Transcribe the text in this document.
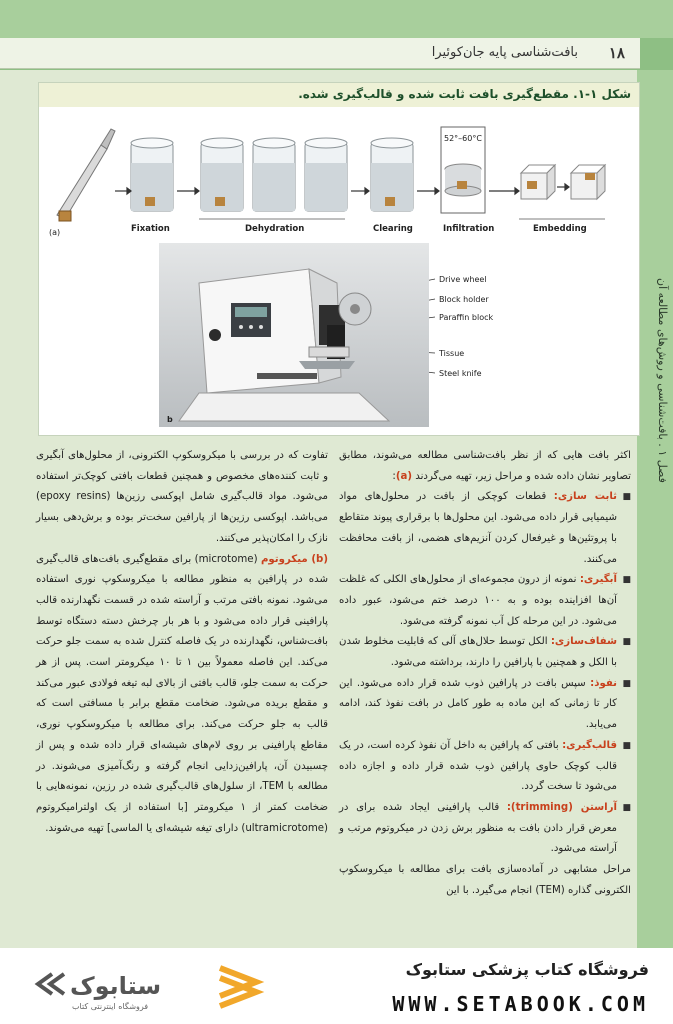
۱۸
بافت‌شناسی پایه جان‌کوئیرا
فصل ۱ . بافت‌شناسی و روش‌های مطالعه آن
شکل ۱-۱. مقطع‌گیری بافت ثابت شده و قالب‌گیری شده.
(a)
52°–60°C
Fixation	Dehydration	Clearing	Infiltration	Embedding
Drive wheel
Block holder
Paraffin block
Tissue
Steel knife
b

اکثر بافت هایی که از نظر بافت‌شناسی مطالعه می‌شوند، مطابق تصاویر نشان داده شده و مراحل زیر، تهیه می‌گردند (a):

■ ثابت سازی: قطعات کوچکی از بافت در محلول‌های مواد شیمیایی قرار داده می‌شود. این محلول‌ها با برقراری پیوند متقاطع با پروتئین‌ها و غیرفعال کردن آنزیم‌های هضمی، از بافت محافظت می‌کنند.

■ آبگیری: نمونه از درون مجموعه‌ای از محلول‌های الکلی که غلظت آن‌ها افزاینده بوده و به ۱۰۰ درصد ختم می‌شود، عبور داده می‌شود. در این مرحله کل آب نمونه گرفته می‌شود.

■ شفاف‌سازی: الکل توسط حلال‌های آلی که قابلیت مخلوط شدن با الکل و همچنین با پارافین را دارند، برداشته می‌شود.

■ نفوذ: سپس بافت در پارافین ذوب شده قرار داده می‌شود. این کار تا زمانی که این ماده به طور کامل در بافت نفوذ کند، ادامه می‌یابد.

■ قالب‌گیری: بافتی که پارافین به داخل آن نفوذ کرده است، در یک قالب کوچک حاوی پارافین ذوب شده قرار داده و اجازه داده می‌شود تا سخت گردد.

■ آراستن (trimming): قالب پارافینی ایجاد شده برای در معرض قرار دادن بافت به منظور برش زدن در میکروتوم مرتب و آراسته می‌شود.

مراحل مشابهی در آماده‌سازی بافت برای مطالعه با میکروسکوپ الکترونی گذاره (TEM) انجام می‌گیرد. با این

تفاوت که در بررسی با میکروسکوپ الکترونی، از محلول‌های آبگیری و ثابت کننده‌های مخصوص و همچنین قطعات بافتی کوچک‌تر استفاده می‌شود. مواد قالب‌گیری شامل اپوکسی رزین‌ها (epoxy resins) می‌باشد. اپوکسی رزین‌ها از پارافین سخت‌تر بوده و برش‌دهی بسیار نازک را امکان‌پذیر می‌کنند.

(b) میکروتوم (microtome) برای مقطع‌گیری بافت‌های قالب‌گیری شده در پارافین به منظور مطالعه با میکروسکوپ نوری استفاده می‌شود. نمونه بافتی مرتب و آراسته شده در قسمت نگهدارنده قالب پارافینی قرار داده می‌شود و با هر بار چرخش دسته دستگاه توسط بافت‌شناس، نگهدارنده در یک فاصله کنترل شده به سمت جلو حرکت می‌کند. این فاصله معمولاً بین ۱ تا ۱۰ میکرومتر است. پس از هر حرکت به سمت جلو، قالب بافتی از بالای لبه تیغه فولادی عبور می‌کند و مقطع بریده می‌شود. ضخامت مقطع برابر با مسافتی است که قالب به جلو حرکت می‌کند. برای مطالعه با میکروسکوپ نوری، مقاطع پارافینی بر روی لام‌های شیشه‌ای قرار داده شده و پس از چسبیدن آن، پارافین‌زدایی انجام گرفته و رنگ‌آمیزی می‌شوند. در مطالعه با TEM، از سلول‌های قالب‌گیری شده در رزین، نمونه‌هایی با ضخامت کمتر از ۱ میکرومتر [با استفاده از یک اولترامیکروتوم (ultramicrotome) دارای تیغه شیشه‌ای یا الماسی] تهیه می‌شوند.

ستابوک
فروشگاه اینترنتی کتاب
فروشگاه کتاب پزشکی ستابوک
WWW.SETABOOK.COM
